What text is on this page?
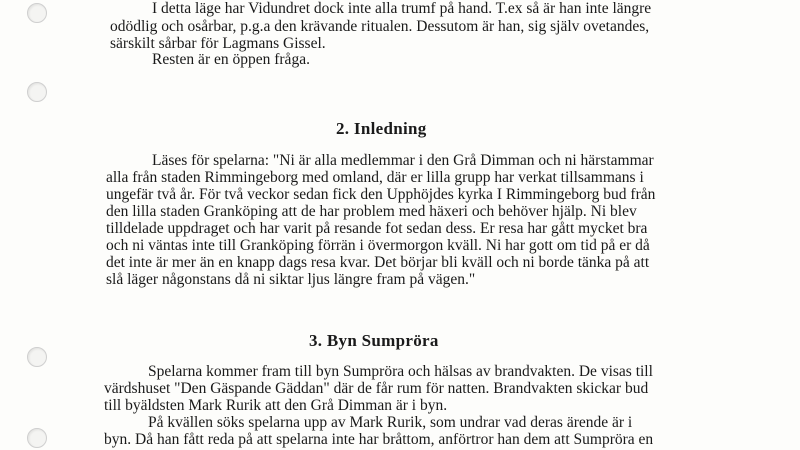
I detta läge har Vidundret dock inte alla trumf på hand. T.ex så är han inte längre
odödlig och osårbar, p.g.a den krävande ritualen. Dessutom är han, sig själv ovetandes,
särskilt sårbar för Lagmans Gissel.
Resten är en öppen fråga.
2. Inledning
Läses för spelarna: "Ni är alla medlemmar i den Grå Dimman och ni härstammar
alla från staden Rimmingeborg med omland, där er lilla grupp har verkat tillsammans i
ungefär två år. För två veckor sedan fick den Upphöjdes kyrka I Rimmingeborg bud från
den lilla staden Granköping att de har problem med häxeri och behöver hjälp. Ni blev
tilldelade uppdraget och har varit på resande fot sedan dess. Er resa har gått mycket bra
och ni väntas inte till Granköping förrän i övermorgon kväll. Ni har gott om tid på er då
det inte är mer än en knapp dags resa kvar. Det börjar bli kväll och ni borde tänka på att
slå läger någonstans då ni siktar ljus längre fram på vägen."
3. Byn Sumpröra
Spelarna kommer fram till byn Sumpröra och hälsas av brandvakten. De visas till
värdshuset "Den Gäspande Gäddan" där de får rum för natten. Brandvakten skickar bud
till byäldsten Mark Rurik att den Grå Dimman är i byn.
På kvällen söks spelarna upp av Mark Rurik, som undrar vad deras ärende är i
byn. Då han fått reda på att spelarna inte har bråttom, anförtror han dem att Sumpröra en
